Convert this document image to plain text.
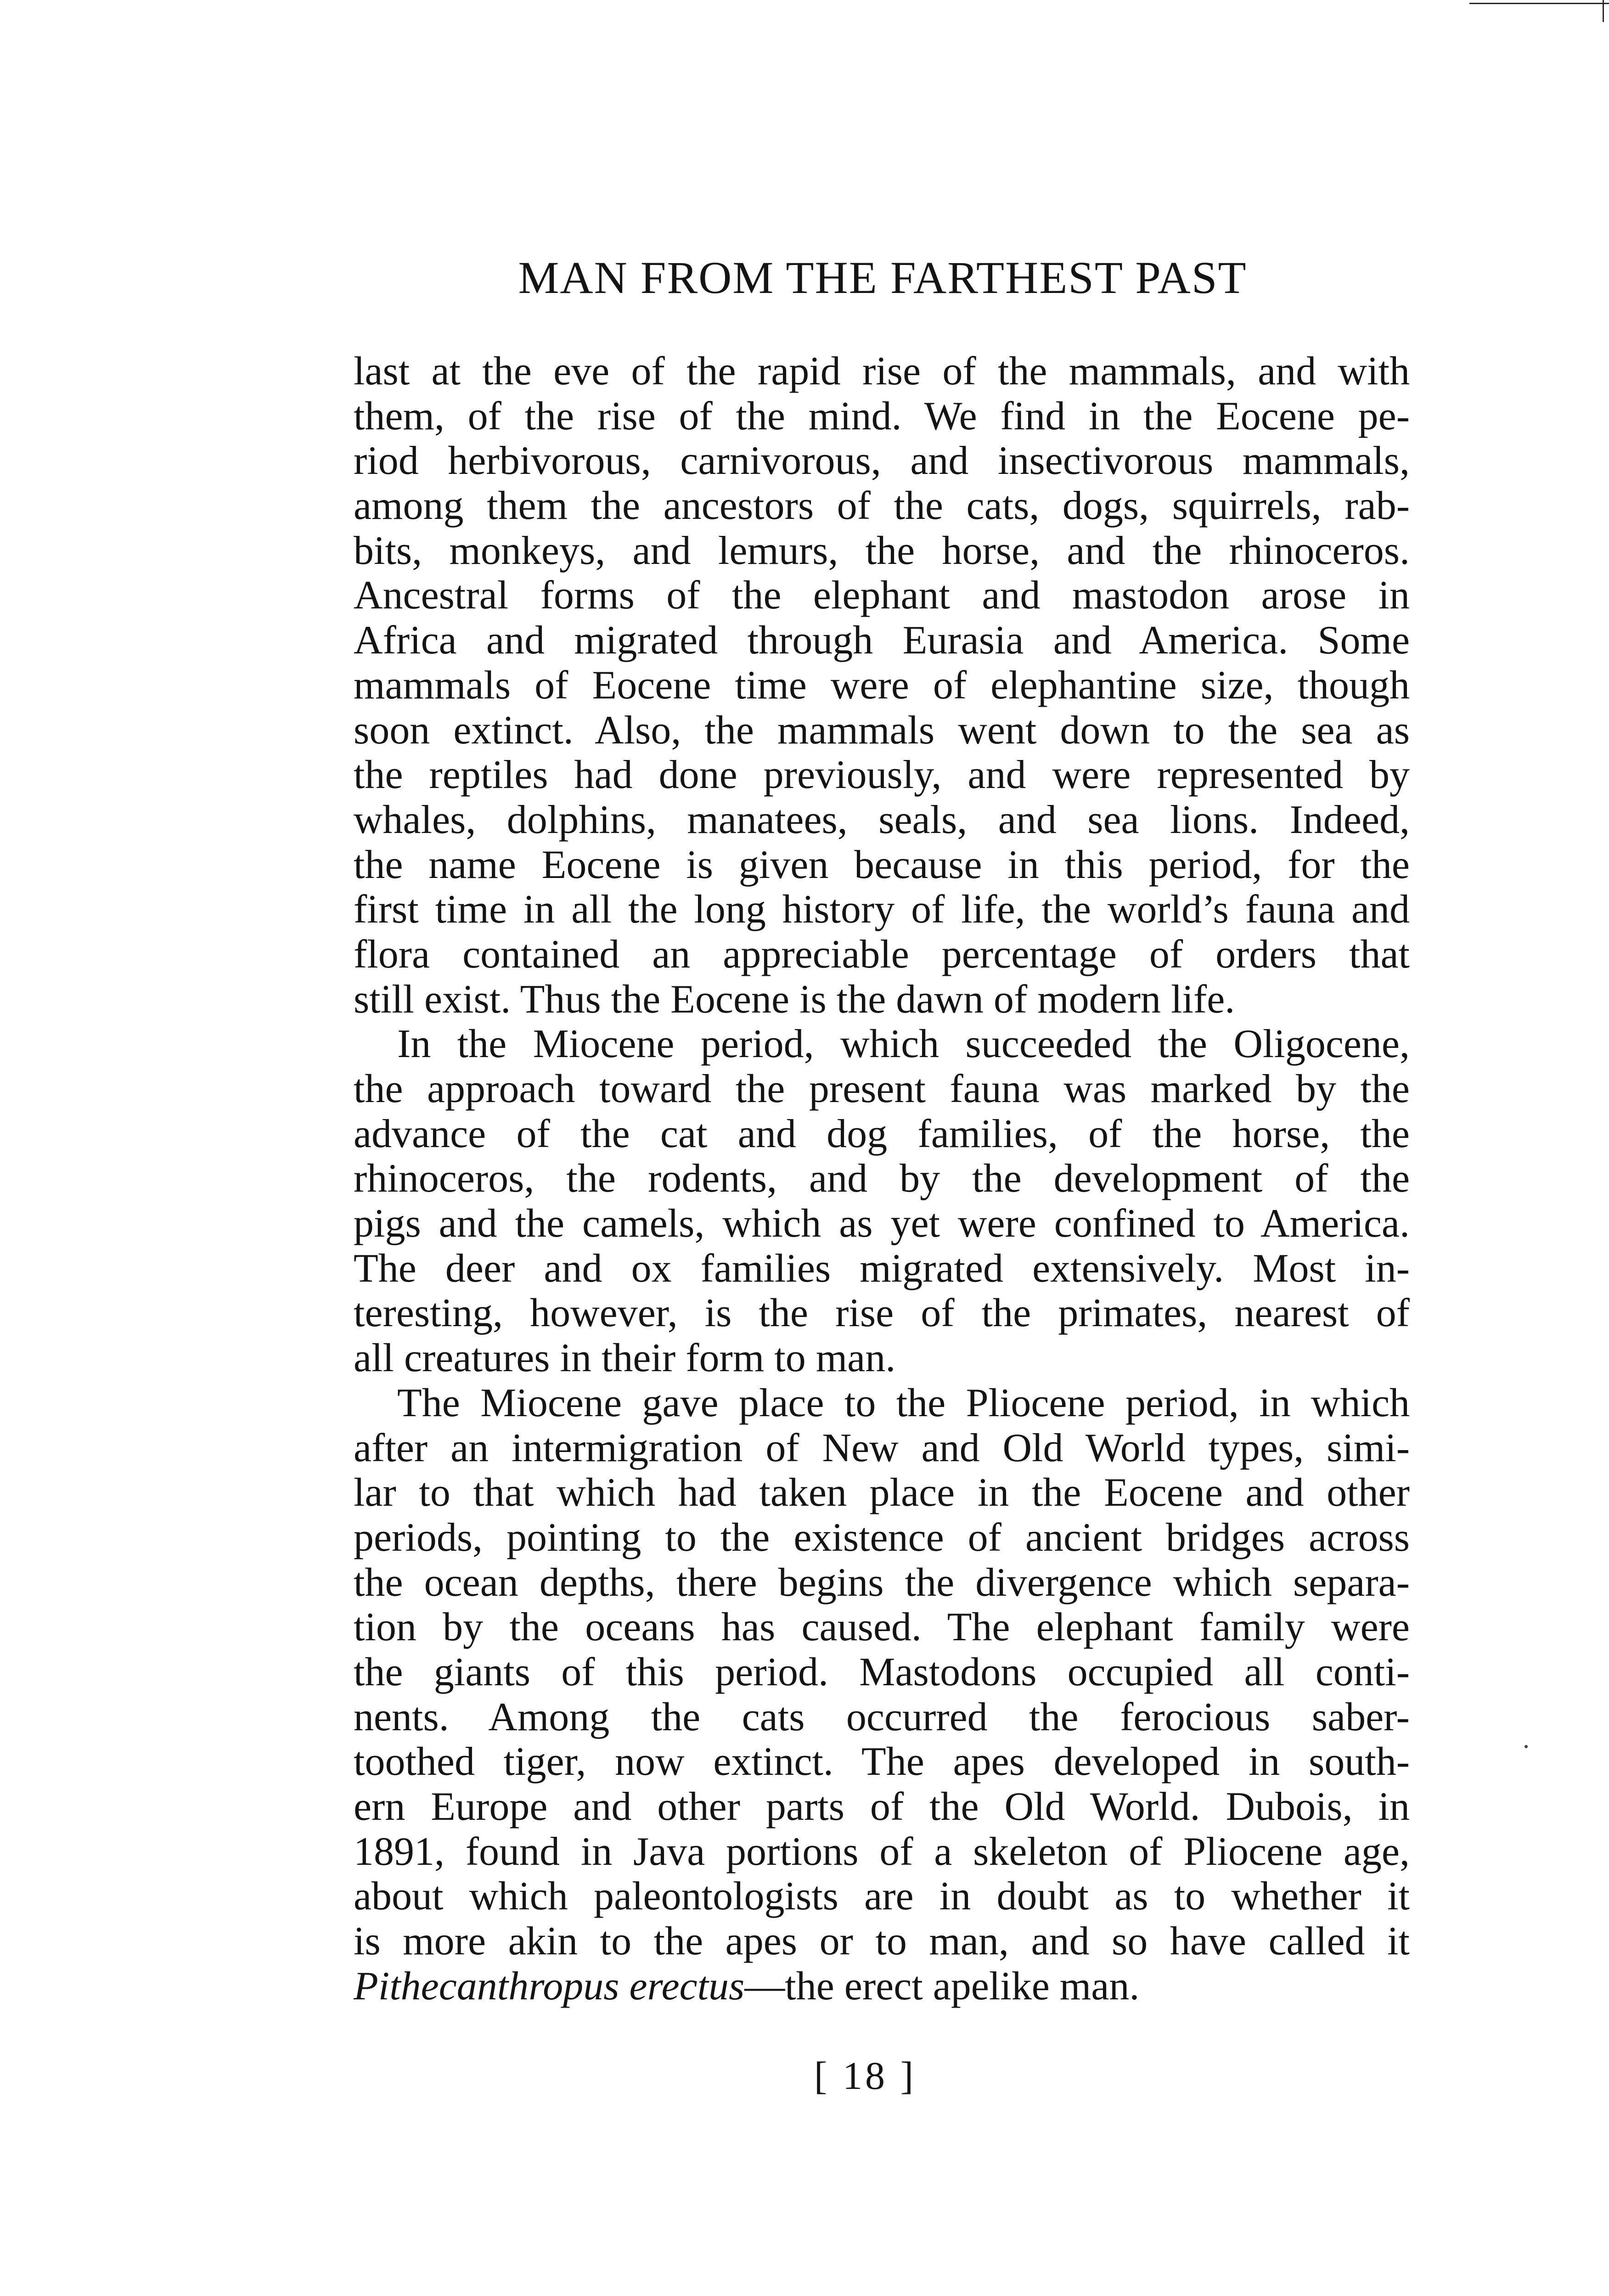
MAN FROM THE FARTHEST PAST
last at the eve of the rapid rise of the mammals, and with
them, of the rise of the mind. We find in the Eocene pe-
riod herbivorous, carnivorous, and insectivorous mammals,
among them the ancestors of the cats, dogs, squirrels, rab-
bits, monkeys, and lemurs, the horse, and the rhinoceros.
Ancestral forms of the elephant and mastodon arose in
Africa and migrated through Eurasia and America. Some
mammals of Eocene time were of elephantine size, though
soon extinct. Also, the mammals went down to the sea as
the reptiles had done previously, and were represented by
whales, dolphins, manatees, seals, and sea lions. Indeed,
the name Eocene is given because in this period, for the
first time in all the long history of life, the world’s fauna and
flora contained an appreciable percentage of orders that
still exist. Thus the Eocene is the dawn of modern life.
In the Miocene period, which succeeded the Oligocene,
the approach toward the present fauna was marked by the
advance of the cat and dog families, of the horse, the
rhinoceros, the rodents, and by the development of the
pigs and the camels, which as yet were confined to America.
The deer and ox families migrated extensively. Most in-
teresting, however, is the rise of the primates, nearest of
all creatures in their form to man.
The Miocene gave place to the Pliocene period, in which
after an intermigration of New and Old World types, simi-
lar to that which had taken place in the Eocene and other
periods, pointing to the existence of ancient bridges across
the ocean depths, there begins the divergence which separa-
tion by the oceans has caused. The elephant family were
the giants of this period. Mastodons occupied all conti-
nents. Among the cats occurred the ferocious saber-
toothed tiger, now extinct. The apes developed in south-
ern Europe and other parts of the Old World. Dubois, in
1891, found in Java portions of a skeleton of Pliocene age,
about which paleontologists are in doubt as to whether it
is more akin to the apes or to man, and so have called it
Pithecanthropus erectus—the erect apelike man.
[ 18 ]
